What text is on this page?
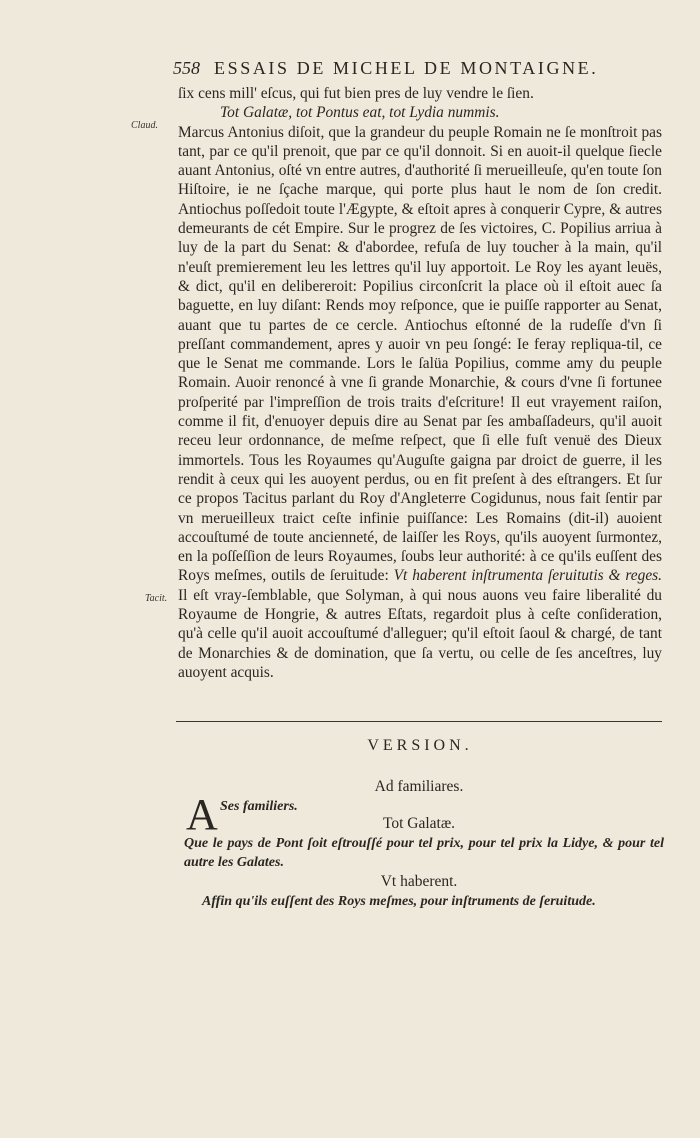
558 ESSAIS DE MICHEL DE MONTAIGNE.
Claud.
Tacit.

ſix cens mill' eſcus, qui fut bien pres de luy vendre le ſien.

Tot Galatæ, tot Pontus eat, tot Lydia nummis.

Marcus Antonius diſoit, que la grandeur du peuple Romain ne ſe monſtroit pas tant, par ce qu'il prenoit, que par ce qu'il donnoit. Si en auoit-il quelque ſiecle auant Antonius, oſté vn entre autres, d'authorité ſi merueilleuſe, qu'en toute ſon Hiſtoire, ie ne ſçache marque, qui porte plus haut le nom de ſon credit. Antiochus poſſedoit toute l'Ægypte, & eſtoit apres à conquerir Cypre, & autres demeurants de cét Empire. Sur le progrez de ſes victoires, C. Popilius arriua à luy de la part du Senat: & d'abordee, refuſa de luy toucher à la main, qu'il n'euſt premierement leu les lettres qu'il luy apportoit. Le Roy les ayant leuës, & dict, qu'il en delibereroit: Popilius circonſcrit la place où il eſtoit auec ſa baguette, en luy diſant: Rends moy reſponce, que ie puiſſe rapporter au Senat, auant que tu partes de ce cercle. Antiochus eſtonné de la rudeſſe d'vn ſi preſſant commandement, apres y auoir vn peu ſongé: Ie feray repliqua-til, ce que le Senat me commande. Lors le ſalüa Popilius, comme amy du peuple Romain. Auoir renoncé à vne ſi grande Monarchie, & cours d'vne ſi fortunee proſperité par l'impreſſion de trois traits d'eſcriture! Il eut vrayement raiſon, comme il fit, d'enuoyer depuis dire au Senat par ſes ambaſſadeurs, qu'il auoit receu leur ordonnance, de meſme reſpect, que ſi elle fuſt venuë des Dieux immortels. Tous les Royaumes qu'Auguſte gaigna par droict de guerre, il les rendit à ceux qui les auoyent perdus, ou en fit preſent à des eſtrangers. Et ſur ce propos Tacitus parlant du Roy d'Angleterre Cogidunus, nous fait ſentir par vn merueilleux traict ceſte infinie puiſſance: Les Romains (dit-il) auoient accouſtumé de toute ancienneté, de laiſſer les Roys, qu'ils auoyent ſurmontez, en la poſſeſſion de leurs Royaumes, ſoubs leur authorité: à ce qu'ils euſſent des Roys meſmes, outils de ſeruitude: Vt haberent inſtrumenta ſeruitutis & reges. Il eſt vray-ſemblable, que Solyman, à qui nous auons veu faire liberalité du Royaume de Hongrie, & autres Eſtats, regardoit plus à ceſte conſideration, qu'à celle qu'il auoit accouſtumé d'alleguer; qu'il eſtoit ſaoul & chargé, de tant de Monarchies & de domination, que ſa vertu, ou celle de ſes anceſtres, luy auoyent acquis.

VERSION.
Ad familiares.
A Ses familiers.
Tot Galatæ.
Que le pays de Pont ſoit eſtrouſſé pour tel prix, pour tel prix la Lidye, & pour tel autre les Galates.
Vt haberent.
Affin qu'ils euſſent des Roys meſmes, pour inſtruments de ſeruitude.
